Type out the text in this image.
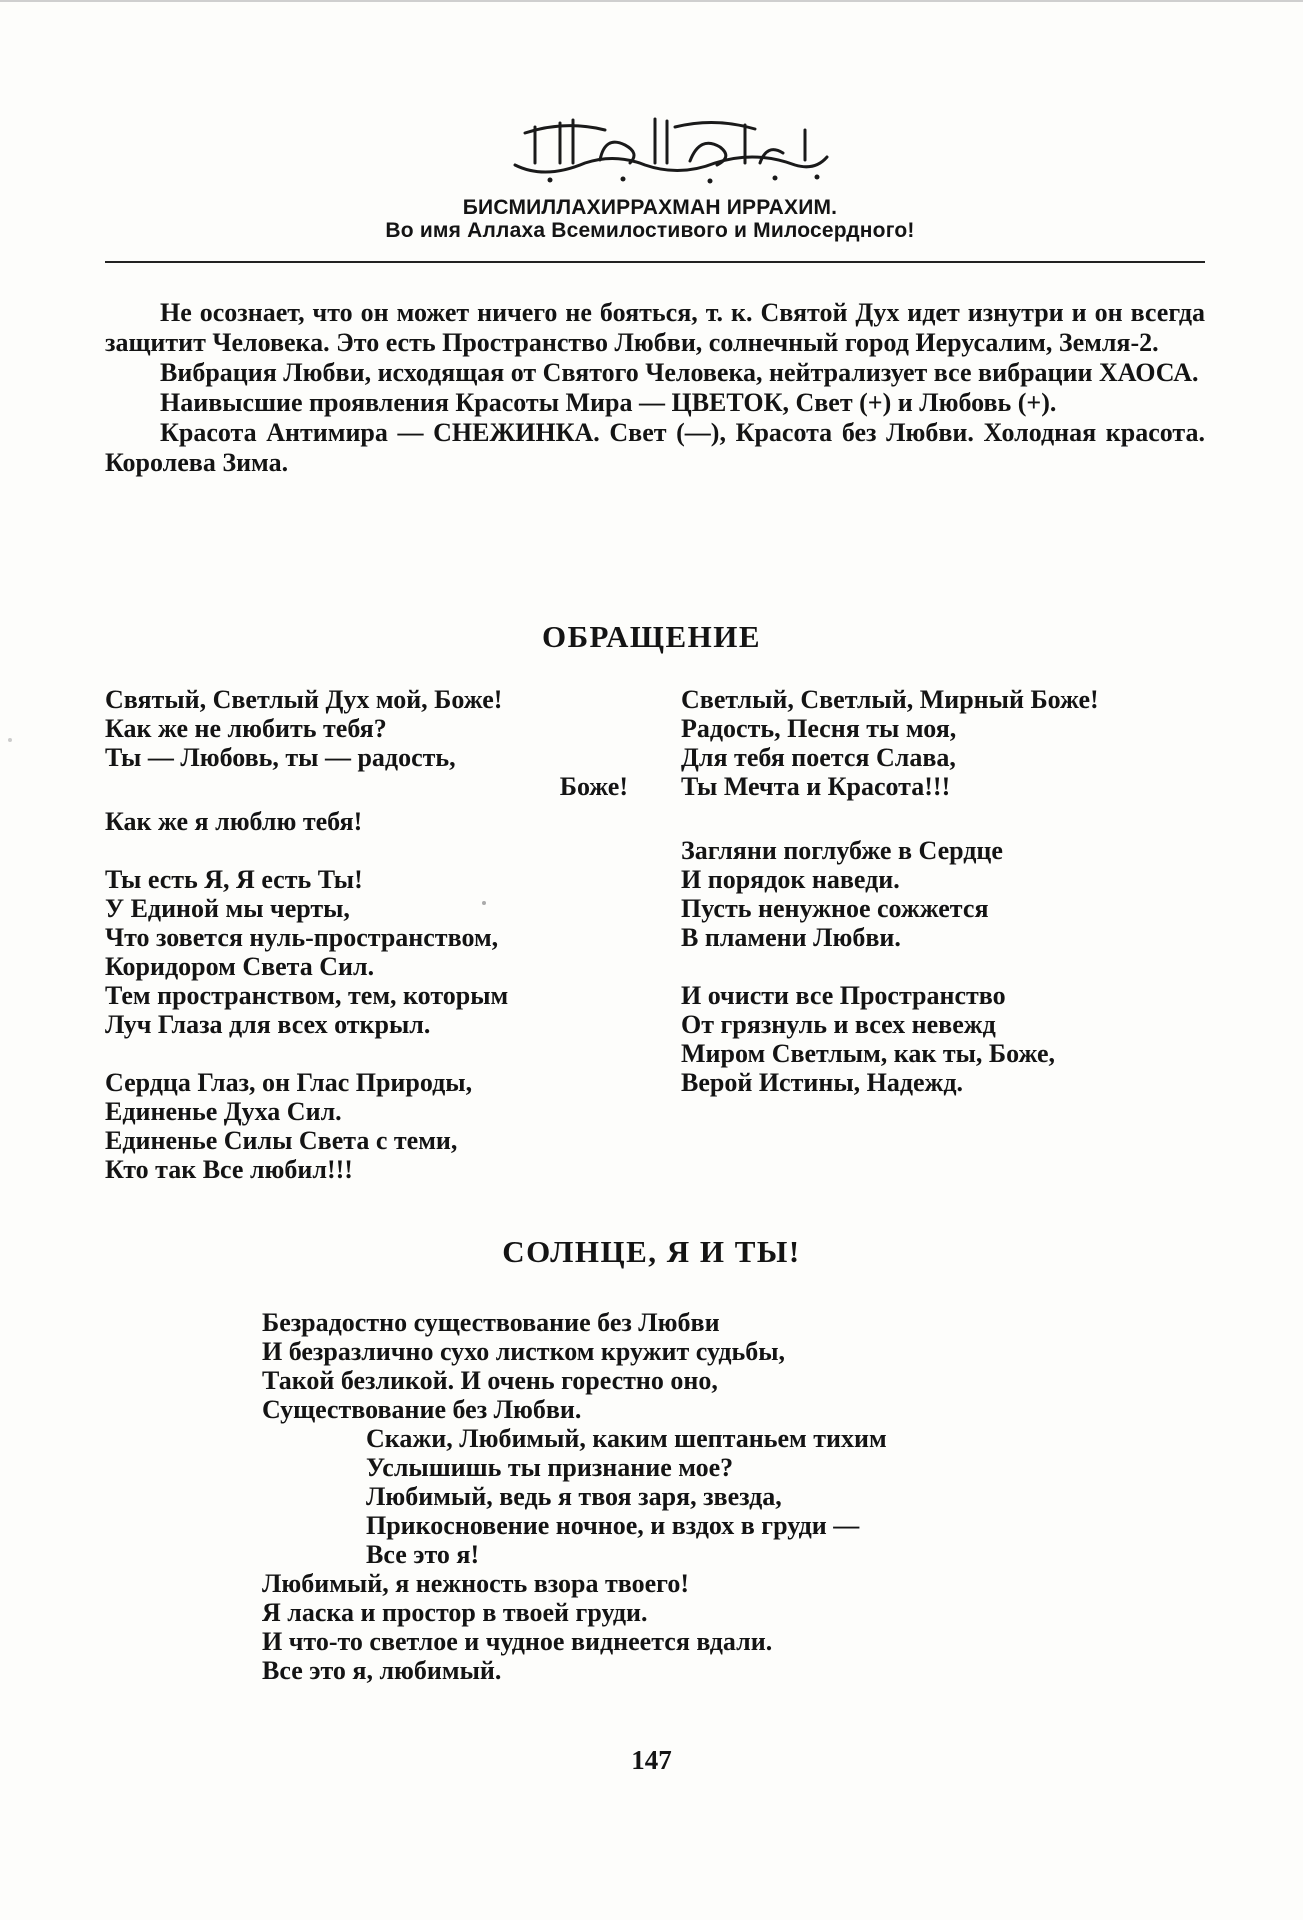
БИСМИЛЛАХИРРАХМАН ИРРАХИМ.
Во имя Аллаха Всемилостивого и Милосердного!

Не осознает, что он может ничего не бояться, т. к. Святой Дух идет изнутри и он всегда защитит Человека. Это есть Пространство Любви, солнечный город Иерусалим, Земля-2.

Вибрация Любви, исходящая от Святого Человека, нейтрализует все вибрации ХАОСА.

Наивысшие проявления Красоты Мира — ЦВЕТОК, Свет (+) и Любовь (+).

Красота Антимира — СНЕЖИНКА. Свет (—), Красота без Любви. Холодная красота. Королева Зима.

ОБРАЩЕНИЕ
Святый, Светлый Дух мой, Боже!
Как же не любить тебя?
Ты — Любовь, ты — радость,
Боже!
Как же я люблю тебя!
Ты есть Я, Я есть Ты!
У Единой мы черты,
Что зовется нуль-пространством,
Коридором Света Сил.
Тем пространством, тем, которым
Луч Глаза для всех открыл.
Сердца Глаз, он Глас Природы,
Единенье Духа Сил.
Единенье Силы Света с теми,
Кто так Все любил!!!
Светлый, Светлый, Мирный Боже!
Радость, Песня ты моя,
Для тебя поется Слава,
Ты Мечта и Красота!!!
Загляни поглубже в Сердце
И порядок наведи.
Пусть ненужное сожжется
В пламени Любви.
И очисти все Пространство
От грязнуль и всех невежд
Миром Светлым, как ты, Боже,
Верой Истины, Надежд.
СОЛНЦЕ, Я И ТЫ!
Безрадостно существование без Любви
И безразлично сухо листком кружит судьбы,
Такой безликой. И очень горестно оно,
Существование без Любви.
Скажи, Любимый, каким шептаньем тихим
Услышишь ты признание мое?
Любимый, ведь я твоя заря, звезда,
Прикосновение ночное, и вздох в груди —
Все это я!
Любимый, я нежность взора твоего!
Я ласка и простор в твоей груди.
И что-то светлое и чудное виднеется вдали.
Все это я, любимый.
147
